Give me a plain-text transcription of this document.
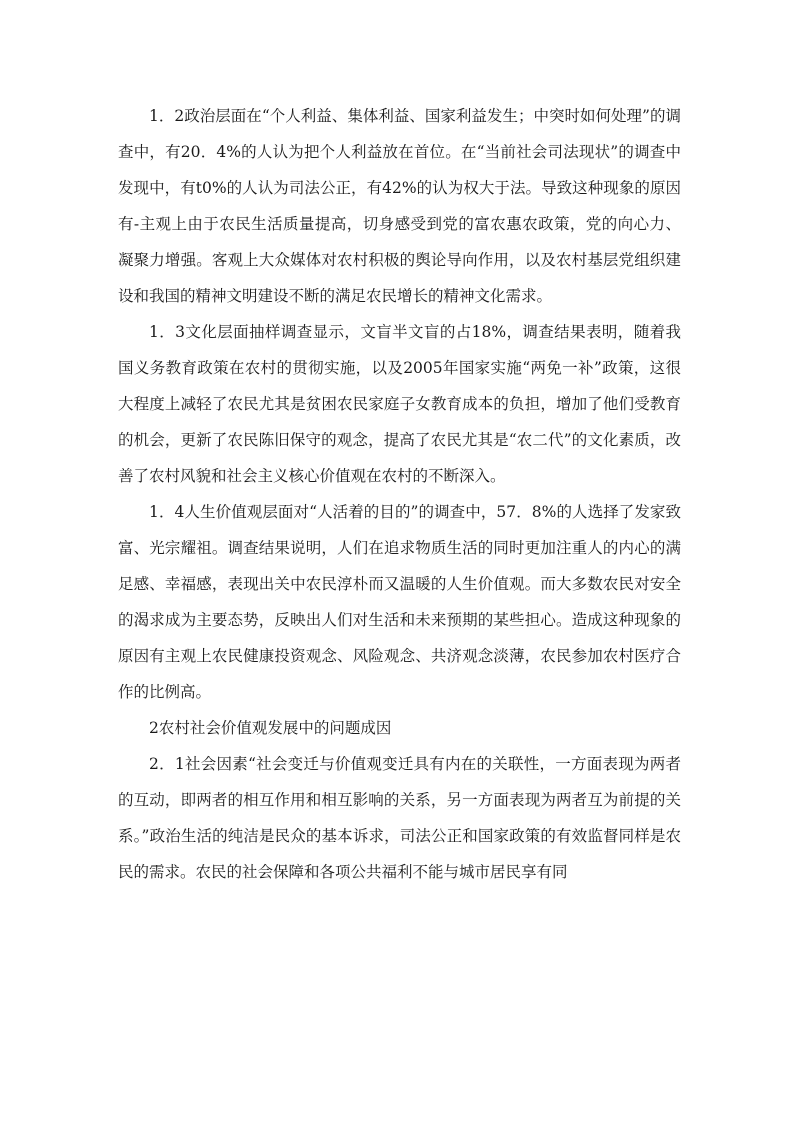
1．2政治层面在“个人利益、集体利益、国家利益发生；中突时如何处理”的调查中，有20．4%的人认为把个人利益放在首位。在“当前社会司法现状”的调查中发现中，有t0%的人认为司法公正，有42%的认为权大于法。导致这种现象的原因有-主观上由于农民生活质量提高，切身感受到党的富农惠农政策，党的向心力、凝聚力增强。客观上大众媒体对农村积极的舆论导向作用，以及农村基层党组织建设和我国的精神文明建设不断的满足农民增长的精神文化需求。

1．3文化层面抽样调查显示，文盲半文盲的占18%，调查结果表明，随着我国义务教育政策在农村的贯彻实施，以及2005年国家实施“两免一补”政策，这很大程度上减轻了农民尤其是贫困农民家庭子女教育成本的负担，增加了他们受教育的机会，更新了农民陈旧保守的观念，提高了农民尤其是“农二代”的文化素质，改善了农村风貌和社会主义核心价值观在农村的不断深入。

1．4人生价值观层面对“人活着的目的”的调查中，57．8%的人选择了发家致富、光宗耀祖。调查结果说明，人们在追求物质生活的同时更加注重人的内心的满足感、幸福感，表现出关中农民淳朴而又温暖的人生价值观。而大多数农民对安全的渴求成为主要态势，反映出人们对生活和未来预期的某些担心。造成这种现象的原因有主观上农民健康投资观念、风险观念、共济观念淡薄，农民参加农村医疗合作的比例高。

2农村社会价值观发展中的问题成因

2．1社会因素“社会变迁与价值观变迁具有内在的关联性，一方面表现为两者的互动，即两者的相互作用和相互影响的关系，另一方面表现为两者互为前提的关系。”政治生活的纯洁是民众的基本诉求，司法公正和国家政策的有效监督同样是农民的需求。农民的社会保障和各项公共福利不能与城市居民享有同
